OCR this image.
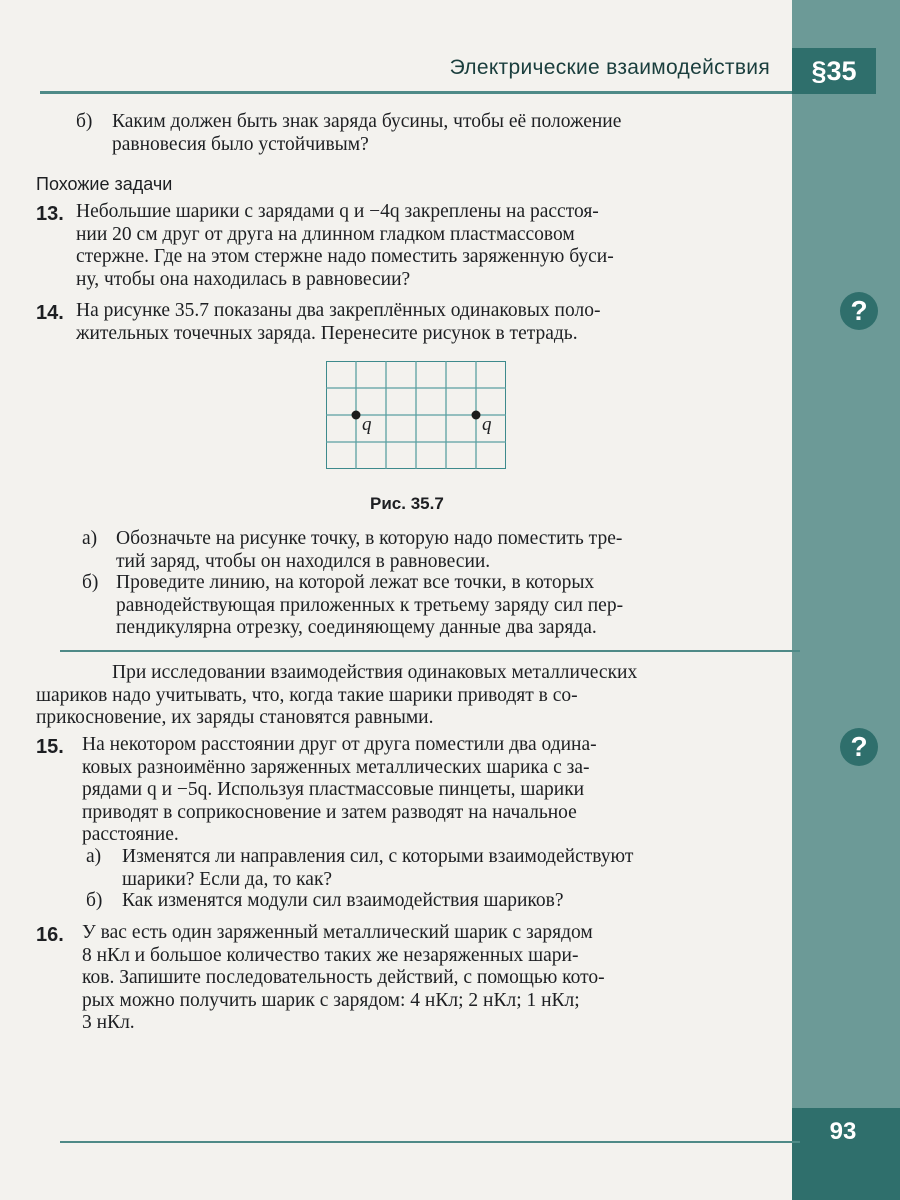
Электрические взаимодействия	§35
?
?
б) Каким должен быть знак заряда бусины, чтобы её положение
равновесия было устойчивым?
Похожие задачи
13. Небольшие шарики с зарядами q и −4q закреплены на расстоя-
нии 20 см друг от друга на длинном гладком пластмассовом
стержне. Где на этом стержне надо поместить заряженную буси-
ну, чтобы она находилась в равновесии?
14. На рисунке 35.7 показаны два закреплённых одинаковых поло-
жительных точечных заряда. Перенесите рисунок в тетрадь.
q	q
Рис. 35.7
а) Обозначьте на рисунке точку, в которую надо поместить тре-
тий заряд, чтобы он находился в равновесии.
б) Проведите линию, на которой лежат все точки, в которых
равнодействующая приложенных к третьему заряду сил пер-
пендикулярна отрезку, соединяющему данные два заряда.
При исследовании взаимодействия одинаковых металлических
шариков надо учитывать, что, когда такие шарики приводят в со-
прикосновение, их заряды становятся равными.
15. На некотором расстоянии друг от друга поместили два одина-
ковых разноимённо заряженных металлических шарика с за-
рядами q и −5q. Используя пластмассовые пинцеты, шарики
приводят в соприкосновение и затем разводят на начальное
расстояние.
а) Изменятся ли направления сил, с которыми взаимодействуют
шарики? Если да, то как?
б) Как изменятся модули сил взаимодействия шариков?
16. У вас есть один заряженный металлический шарик с зарядом
8 нКл и большое количество таких же незаряженных шари-
ков. Запишите последовательность действий, с помощью кото-
рых можно получить шарик с зарядом: 4 нКл; 2 нКл; 1 нКл;
3 нКл.
93
